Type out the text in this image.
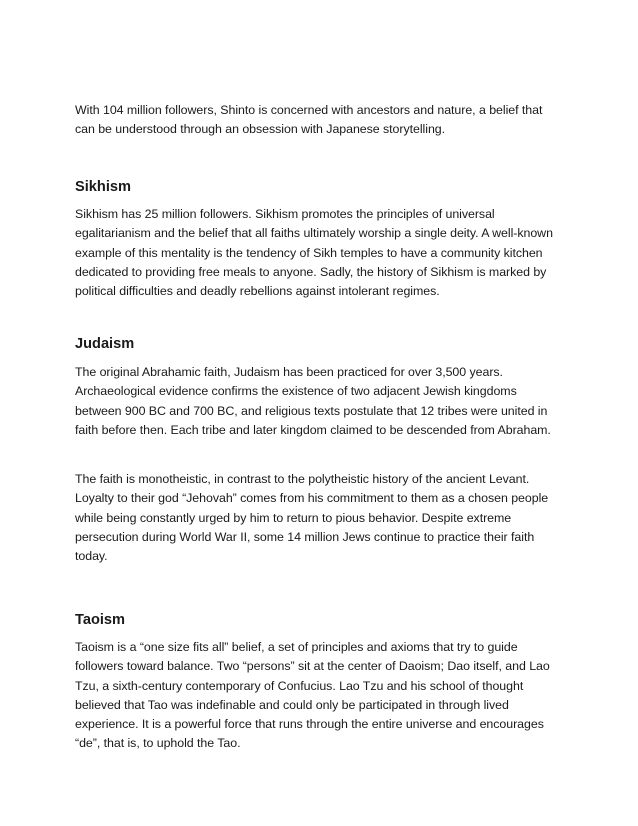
With 104 million followers, Shinto is concerned with ancestors and nature, a belief that can be understood through an obsession with Japanese storytelling.

Sikhism

Sikhism has 25 million followers. Sikhism promotes the principles of universal egalitarianism and the belief that all faiths ultimately worship a single deity. A well-known example of this mentality is the tendency of Sikh temples to have a community kitchen dedicated to providing free meals to anyone. Sadly, the history of Sikhism is marked by political difficulties and deadly rebellions against intolerant regimes.

Judaism

The original Abrahamic faith, Judaism has been practiced for over 3,500 years. Archaeological evidence confirms the existence of two adjacent Jewish kingdoms between 900 BC and 700 BC, and religious texts postulate that 12 tribes were united in faith before then. Each tribe and later kingdom claimed to be descended from Abraham.

The faith is monotheistic, in contrast to the polytheistic history of the ancient Levant. Loyalty to their god “Jehovah” comes from his commitment to them as a chosen people while being constantly urged by him to return to pious behavior. Despite extreme persecution during World War II, some 14 million Jews continue to practice their faith today.

Taoism

Taoism is a “one size fits all” belief, a set of principles and axioms that try to guide followers toward balance. Two “persons” sit at the center of Daoism; Dao itself, and Lao Tzu, a sixth-century contemporary of Confucius. Lao Tzu and his school of thought believed that Tao was indefinable and could only be participated in through lived experience. It is a powerful force that runs through the entire universe and encourages “de”, that is, to uphold the Tao.
